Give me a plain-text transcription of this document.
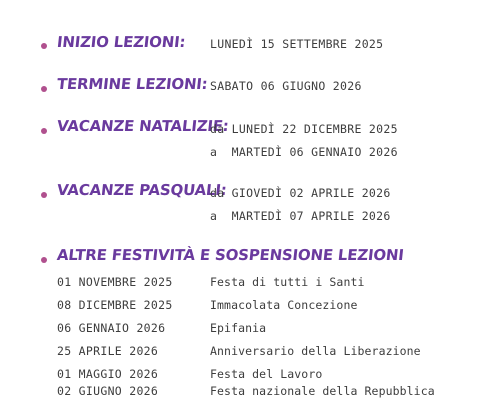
INIZIO LEZIONI: LUNEDÌ 15 SETTEMBRE 2025
TERMINE LEZIONI: SABATO 06 GIUGNO 2026
VACANZE NATALIZIE:
da LUNEDÌ 22 DICEMBRE 2025
a  MARTEDÌ 06 GENNAIO 2026
VACANZE PASQUALI:
da GIOVEDÌ 02 APRILE 2026
a  MARTEDÌ 07 APRILE 2026
ALTRE FESTIVITÀ E SOSPENSIONE LEZIONI
01 NOVEMBRE 2025	Festa di tutti i Santi
08 DICEMBRE 2025	Immacolata Concezione
06 GENNAIO 2026	Epifania
25 APRILE 2026	Anniversario della Liberazione
01 MAGGIO 2026	Festa del Lavoro
02 GIUGNO 2026	Festa nazionale della Repubblica
